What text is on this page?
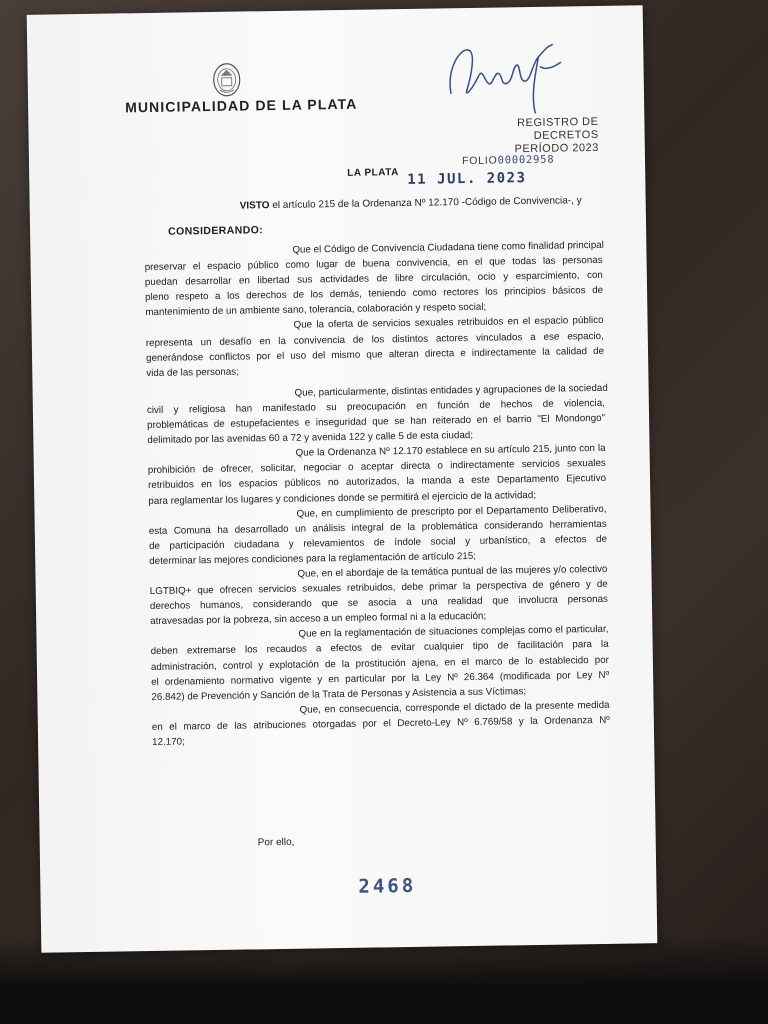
MUNICIPALIDAD DE LA PLATA
REGISTRO DE DECRETOS
PERÍODO 2023
FOLIO00002958
LA PLATA 11 JUL. 2023
VISTO el artículo 215 de la Ordenanza Nº 12.170 -Código de Convivencia-, y
CONSIDERANDO:

Que el Código de Convivencia Ciudadana tiene como finalidad principal
preservar el espacio público como lugar de buena convivencia, en el que todas las personas
puedan desarrollar en libertad sus actividades de libre circulación, ocio y esparcimiento, con
pleno respeto a los derechos de los demás, teniendo como rectores los principios básicos de
mantenimiento de un ambiente sano, tolerancia, colaboración y respeto social;

Que la oferta de servicios sexuales retribuidos en el espacio público
representa un desafío en la convivencia de los distintos actores vinculados a ese espacio,
generándose conflictos por el uso del mismo que alteran directa e indirectamente la calidad de
vida de las personas;

Que, particularmente, distintas entidades y agrupaciones de la sociedad
civil y religiosa han manifestado su preocupación en función de hechos de violencia,
problemáticas de estupefacientes e inseguridad que se han reiterado en el barrio "El Mondongo"
delimitado por las avenidas 60 a 72 y avenida 122 y calle 5 de esta ciudad;

Que la Ordenanza Nº 12.170 establece en su artículo 215, junto con la
prohibición de ofrecer, solicitar, negociar o aceptar directa o indirectamente servicios sexuales
retribuidos en los espacios públicos no autorizados, la manda a este Departamento Ejecutivo
para reglamentar los lugares y condiciones donde se permitirá el ejercicio de la actividad;

Que, en cumplimiento de prescripto por el Departamento Deliberativo,
esta Comuna ha desarrollado un análisis integral de la problemática considerando herramientas
de participación ciudadana y relevamientos de índole social y urbanístico, a efectos de
determinar las mejores condiciones para la reglamentación de artículo 215;

Que, en el abordaje de la temática puntual de las mujeres y/o colectivo
LGTBIQ+ que ofrecen servicios sexuales retribuidos, debe primar la perspectiva de género y de
derechos humanos, considerando que se asocia a una realidad que involucra personas
atravesadas por la pobreza, sin acceso a un empleo formal ni a la educación;

Que en la reglamentación de situaciones complejas como el particular,
deben extremarse los recaudos a efectos de evitar cualquier tipo de facilitación para la
administración, control y explotación de la prostitución ajena, en el marco de lo establecido por
el ordenamiento normativo vigente y en particular por la Ley Nº 26.364 (modificada por Ley Nº
26.842) de Prevención y Sanción de la Trata de Personas y Asistencia a sus Víctimas;

Que, en consecuencia, corresponde el dictado de la presente medida
en el marco de las atribuciones otorgadas por el Decreto-Ley Nº 6.769/58 y la Ordenanza Nº
12.170;

Por ello,
2468
